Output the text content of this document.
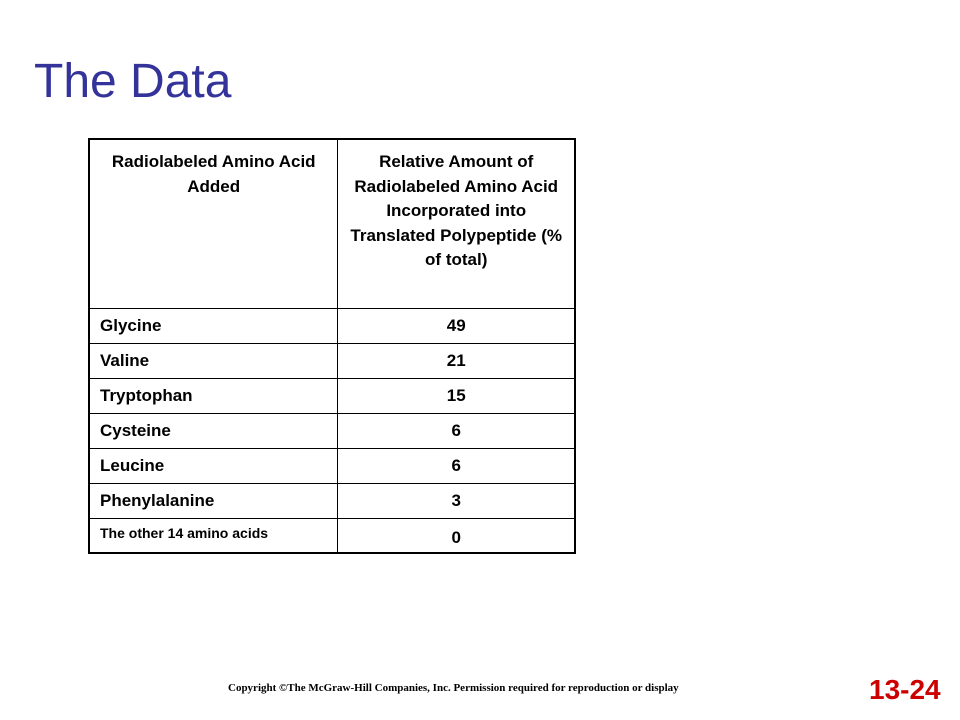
The Data
Radiolabeled Amino Acid Added	Relative Amount of Radiolabeled Amino Acid Incorporated into Translated Polypeptide (% of total)
Glycine	49
Valine	21
Tryptophan	15
Cysteine	6
Leucine	6
Phenylalanine	3
The other 14 amino acids	0
Copyright ©The McGraw-Hill Companies, Inc. Permission required for reproduction or display	13-24
